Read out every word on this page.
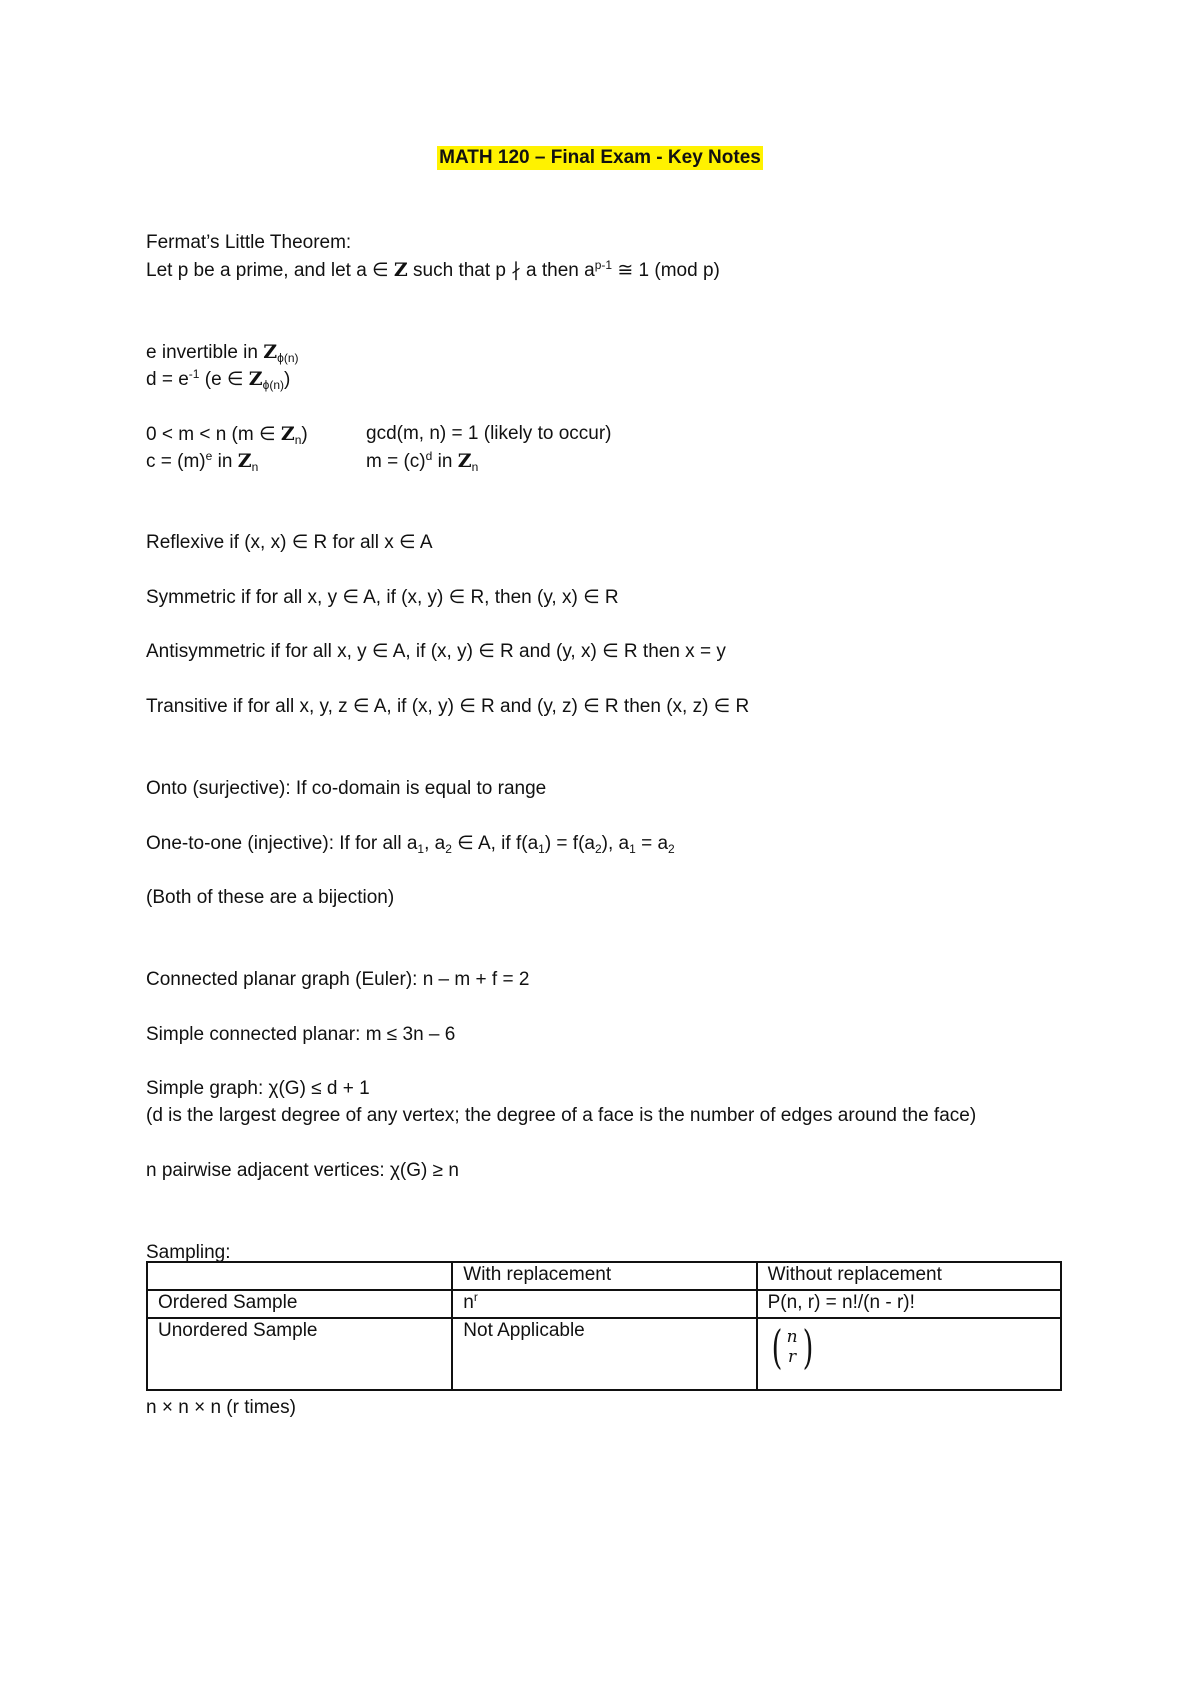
MATH 120 – Final Exam - Key Notes
Fermat’s Little Theorem:
Let p be a prime, and let a ∈ 𝐙 such that p ∤ a then $a^{p-1}$ ≅ 1 (mod p)
e invertible in 𝐙$_{\phi(n)}$
$d = e^{-1}$ (e ∈ 𝐙$_{\phi(n)}$)
0 < m < n (m ∈ 𝐙$_n$)	gcd(m, n) = 1 (likely to occur)
$c = (m)^e$ in 𝐙$_n$	$m = (c)^d$ in 𝐙$_n$
Reflexive if (x, x) ∈ R for all x ∈ A
Symmetric if for all x, y ∈ A, if (x, y) ∈ R, then (y, x) ∈ R
Antisymmetric if for all x, y ∈ A, if (x, y) ∈ R and (y, x) ∈ R then x = y
Transitive if for all x, y, z ∈ A, if (x, y) ∈ R and (y, z) ∈ R then (x, z) ∈ R
Onto (surjective): If co-domain is equal to range
One-to-one (injective): If for all $a_1$, $a_2$ ∈ A, if $f(a_1) = f(a_2)$, $a_1 = a_2$
(Both of these are a bijection)
Connected planar graph (Euler): n – m + f = 2
Simple connected planar: m ≤ 3n – 6
Simple graph: χ(G) ≤ d + 1
(d is the largest degree of any vertex; the degree of a face is the number of edges around the face)
n pairwise adjacent vertices: χ(G) ≥ n
Sampling:
	With replacement	Without replacement
Ordered Sample	$n^r$	P(n, r) = n!/(n - r)!
Unordered Sample	Not Applicable	( n
r )
n × n × n (r times)
